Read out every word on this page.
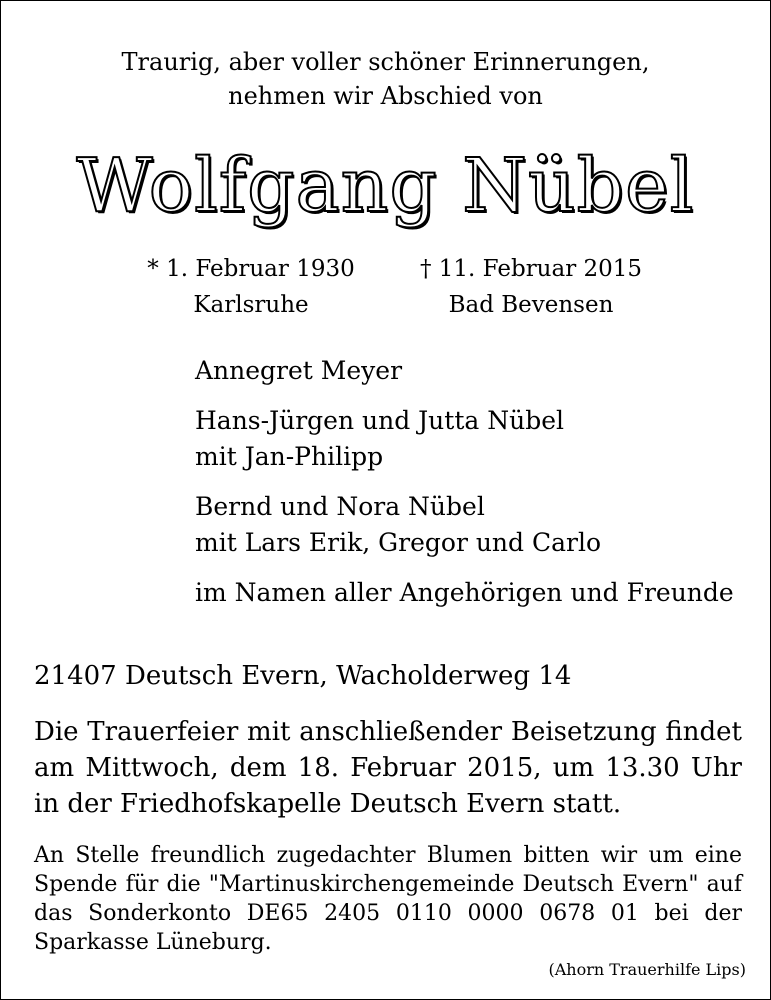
Traurig, aber voller schöner Erinnerungen,
nehmen wir Abschied von
Wolfgang Nübel
* 1. Februar 1930
Karlsruhe
† 11. Februar 2015
Bad Bevensen
Annegret Meyer
Hans-Jürgen und Jutta Nübel
mit Jan-Philipp
Bernd und Nora Nübel
mit Lars Erik, Gregor und Carlo
im Namen aller Angehörigen und Freunde
21407 Deutsch Evern, Wacholderweg 14
Die Trauerfeier mit anschließender Beisetzung findet am Mittwoch, dem 18. Februar 2015, um 13.30 Uhr in der Friedhofskapelle Deutsch Evern statt.
An Stelle freundlich zugedachter Blumen bitten wir um eine Spende für die "Martinuskirchengemeinde Deutsch Evern" auf das Sonderkonto DE65 2405 0110 0000 0678 01 bei der Sparkasse Lüneburg.
(Ahorn Trauerhilfe Lips)
